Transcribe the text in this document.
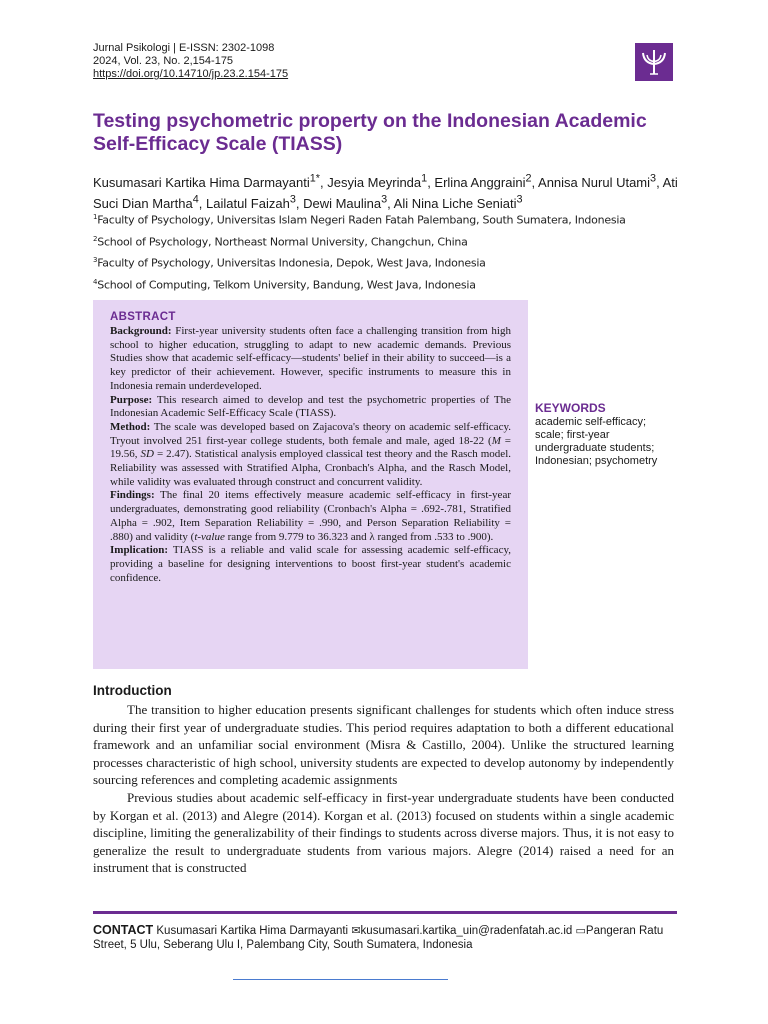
Jurnal Psikologi | E-ISSN: 2302-1098
2024, Vol. 23, No. 2,154-175
https://doi.org/10.14710/jp.23.2.154-175
Testing psychometric property on the Indonesian Academic Self-Efficacy Scale (TIASS)
Kusumasari Kartika Hima Darmayanti$^{1*}$, Jesyia Meyrinda$^1$, Erlina Anggraini$^2$, Annisa Nurul Utami$^3$, Ati Suci Dian Martha$^4$, Lailatul Faizah$^3$, Dewi Maulina$^3$, Ali Nina Liche Seniati$^3$
$^1$Faculty of Psychology, Universitas Islam Negeri Raden Fatah Palembang, South Sumatera, Indonesia
$^2$School of Psychology, Northeast Normal University, Changchun, China
$^3$Faculty of Psychology, Universitas Indonesia, Depok, West Java, Indonesia
$^4$School of Computing, Telkom University, Bandung, West Java, Indonesia
ABSTRACT
Background: First-year university students often face a challenging transition from high school to higher education, struggling to adapt to new academic demands. Previous Studies show that academic self-efficacy—students' belief in their ability to succeed—is a key predictor of their achievement. However, specific instruments to measure this in Indonesia remain underdeveloped.
Purpose: This research aimed to develop and test the psychometric properties of The Indonesian Academic Self-Efficacy Scale (TIASS).
Method: The scale was developed based on Zajacova's theory on academic self-efficacy. Tryout involved 251 first-year college students, both female and male, aged 18-22 (M = 19.56, SD = 2.47). Statistical analysis employed classical test theory and the Rasch model. Reliability was assessed with Stratified Alpha, Cronbach's Alpha, and the Rasch Model, while validity was evaluated through construct and concurrent validity.
Findings: The final 20 items effectively measure academic self-efficacy in first-year undergraduates, demonstrating good reliability (Cronbach's Alpha = .692-.781, Stratified Alpha = .902, Item Separation Reliability = .990, and Person Separation Reliability = .880) and validity (t-value range from 9.779 to 36.323 and λ ranged from .533 to .900).
Implication: TIASS is a reliable and valid scale for assessing academic self-efficacy, providing a baseline for designing interventions to boost first-year student's academic confidence.
KEYWORDS
academic self-efficacy; scale; first-year undergraduate students; Indonesian; psychometry
Introduction

The transition to higher education presents significant challenges for students which often induce stress during their first year of undergraduate studies. This period requires adaptation to both a different educational framework and an unfamiliar social environment (Misra & Castillo, 2004). Unlike the structured learning processes characteristic of high school, university students are expected to develop autonomy by independently sourcing references and completing academic assignments

Previous studies about academic self-efficacy in first-year undergraduate students have been conducted by Korgan et al. (2013) and Alegre (2014). Korgan et al. (2013) focused on students within a single academic discipline, limiting the generalizability of their findings to students across diverse majors. Thus, it is not easy to generalize the result to undergraduate students from various majors. Alegre (2014) raised a need for an instrument that is constructed

CONTACT Kusumasari Kartika Hima Darmayanti ✉kusumasari.kartika_uin@radenfatah.ac.id ▭Pangeran Ratu Street, 5 Ulu, Seberang Ulu I, Palembang City, South Sumatera, Indonesia
